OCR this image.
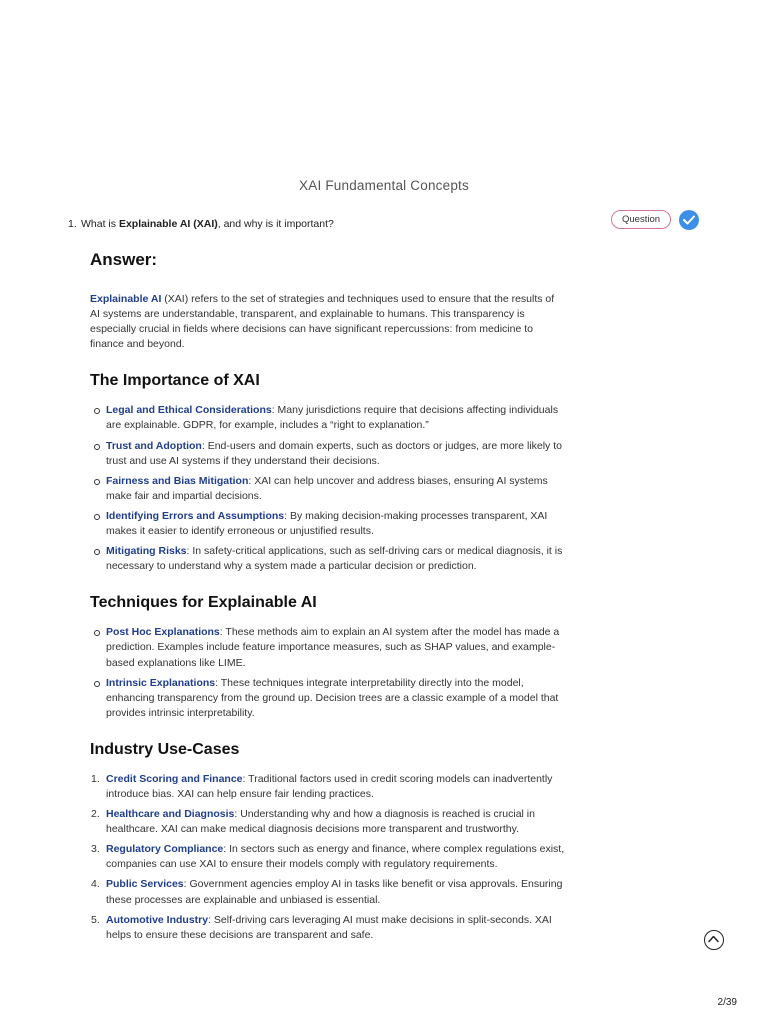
XAI Fundamental Concepts
1. What is Explainable AI (XAI), and why is it important?	Question
Answer:

Explainable AI (XAI) refers to the set of strategies and techniques used to ensure that the results of AI systems are understandable, transparent, and explainable to humans. This transparency is especially crucial in fields where decisions can have significant repercussions: from medicine to finance and beyond.

The Importance of XAI
Legal and Ethical Considerations: Many jurisdictions require that decisions affecting individuals are explainable. GDPR, for example, includes a “right to explanation.”
Trust and Adoption: End-users and domain experts, such as doctors or judges, are more likely to trust and use AI systems if they understand their decisions.
Fairness and Bias Mitigation: XAI can help uncover and address biases, ensuring AI systems make fair and impartial decisions.
Identifying Errors and Assumptions: By making decision-making processes transparent, XAI makes it easier to identify erroneous or unjustified results.
Mitigating Risks: In safety-critical applications, such as self-driving cars or medical diagnosis, it is necessary to understand why a system made a particular decision or prediction.
Techniques for Explainable AI
Post Hoc Explanations: These methods aim to explain an AI system after the model has made a prediction. Examples include feature importance measures, such as SHAP values, and example-based explanations like LIME.
Intrinsic Explanations: These techniques integrate interpretability directly into the model, enhancing transparency from the ground up. Decision trees are a classic example of a model that provides intrinsic interpretability.
Industry Use-Cases
1. Credit Scoring and Finance: Traditional factors used in credit scoring models can inadvertently introduce bias. XAI can help ensure fair lending practices.
2. Healthcare and Diagnosis: Understanding why and how a diagnosis is reached is crucial in healthcare. XAI can make medical diagnosis decisions more transparent and trustworthy.
3. Regulatory Compliance: In sectors such as energy and finance, where complex regulations exist, companies can use XAI to ensure their models comply with regulatory requirements.
4. Public Services: Government agencies employ AI in tasks like benefit or visa approvals. Ensuring these processes are explainable and unbiased is essential.
5. Automotive Industry: Self-driving cars leveraging AI must make decisions in split-seconds. XAI helps to ensure these decisions are transparent and safe.
2/39
